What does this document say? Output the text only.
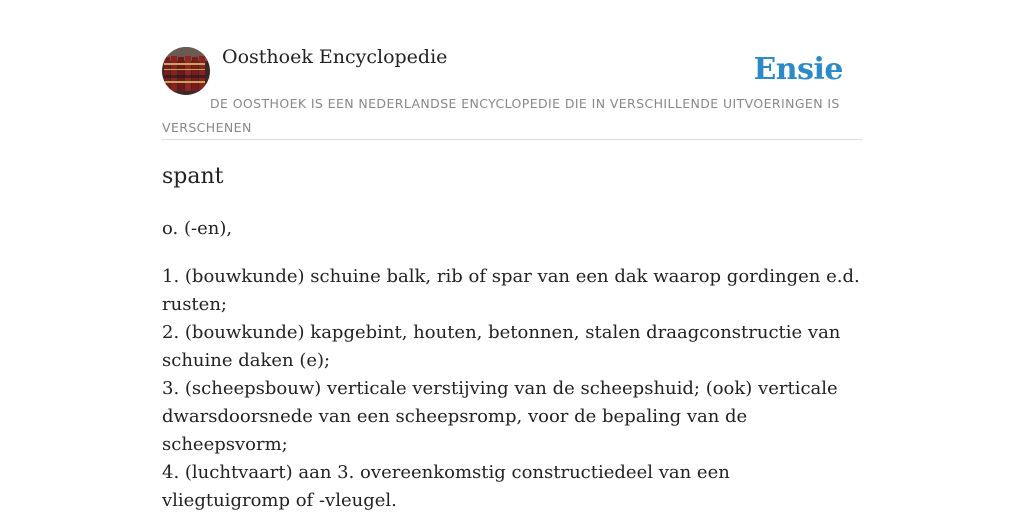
Oosthoek Encyclopedie	Ensie
DE OOSTHOEK IS EEN NEDERLANDSE ENCYCLOPEDIE DIE IN VERSCHILLENDE UITVOERINGEN IS VERSCHENEN
spant
o. (-en),
1. (bouwkunde) schuine balk, rib of spar van een dak waarop gordingen e.d. rusten;
2. (bouwkunde) kapgebint, houten, betonnen, stalen draagconstructie van schuine daken (e);
3. (scheepsbouw) verticale verstijving van de scheepshuid; (ook) verticale dwarsdoorsnede van een scheepsromp, voor de bepaling van de scheepsvorm;
4. (luchtvaart) aan 3. overeenkomstig constructiedeel van een vliegtuigromp of -vleugel.
